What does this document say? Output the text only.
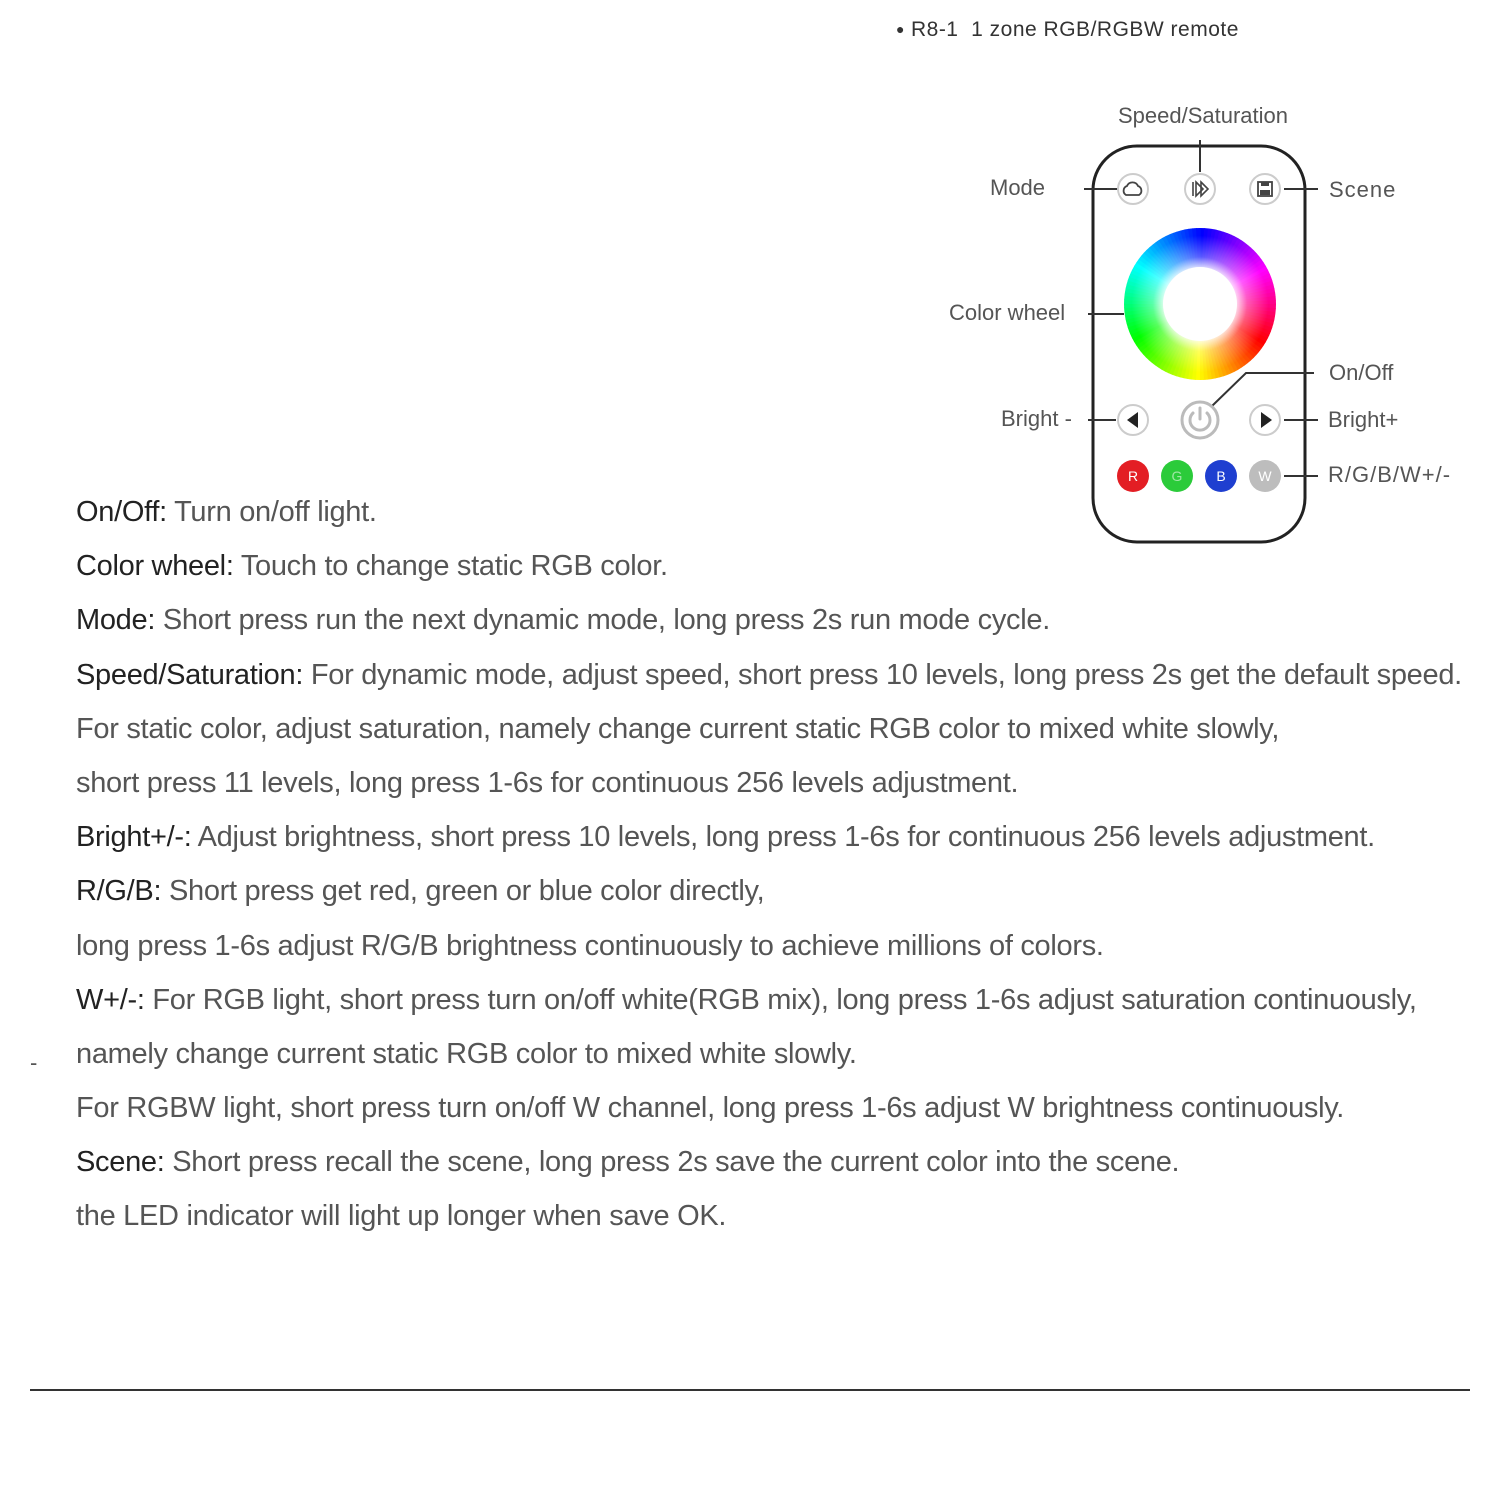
● R8-1 1 zone RGB/RGBW remote
R G B W
Speed/Saturation
Mode	Scene
Color wheel
On/Off
Bright -	Bright+
R/G/B/W+/-
On/Off: Turn on/off light.
Color wheel: Touch to change static RGB color.
Mode: Short press run the next dynamic mode, long press 2s run mode cycle.
Speed/Saturation: For dynamic mode, adjust speed, short press 10 levels, long press 2s get the default speed.
For static color, adjust saturation, namely change current static RGB color to mixed white slowly,
short press 11 levels, long press 1-6s for continuous 256 levels adjustment.
Bright+/-: Adjust brightness, short press 10 levels, long press 1-6s for continuous 256 levels adjustment.
R/G/B: Short press get red, green or blue color directly,
long press 1-6s adjust R/G/B brightness continuously to achieve millions of colors.
W+/-: For RGB light, short press turn on/off white(RGB mix), long press 1-6s adjust saturation continuously,
namely change current static RGB color to mixed white slowly.
For RGBW light, short press turn on/off W channel, long press 1-6s adjust W brightness continuously.
Scene: Short press recall the scene, long press 2s save the current color into the scene.
the LED indicator will light up longer when save OK.
-
